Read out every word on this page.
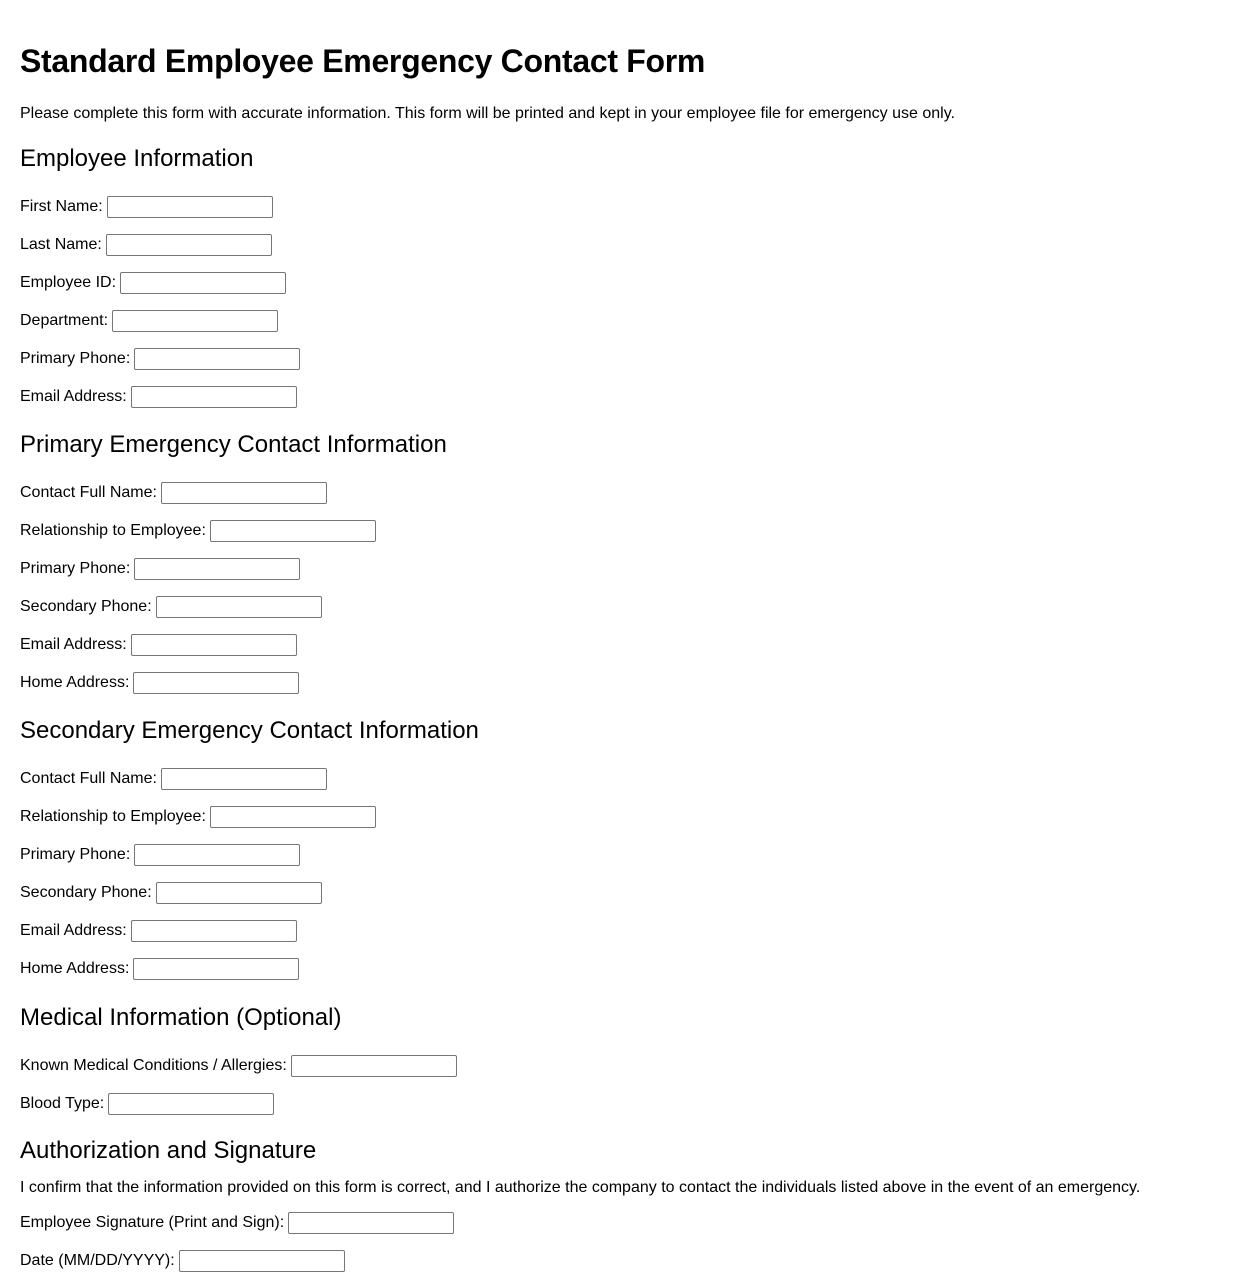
Standard Employee Emergency Contact Form

Please complete this form with accurate information. This form will be printed and kept in your employee file for emergency use only.

Employee Information
First Name:
Last Name:
Employee ID:
Department:
Primary Phone:
Email Address:
Primary Emergency Contact Information
Contact Full Name:
Relationship to Employee:
Primary Phone:
Secondary Phone:
Email Address:
Home Address:
Secondary Emergency Contact Information
Contact Full Name:
Relationship to Employee:
Primary Phone:
Secondary Phone:
Email Address:
Home Address:
Medical Information (Optional)
Known Medical Conditions / Allergies:
Blood Type:
Authorization and Signature

I confirm that the information provided on this form is correct, and I authorize the company to contact the individuals listed above in the event of an emergency.

Employee Signature (Print and Sign):
Date (MM/DD/YYYY):
